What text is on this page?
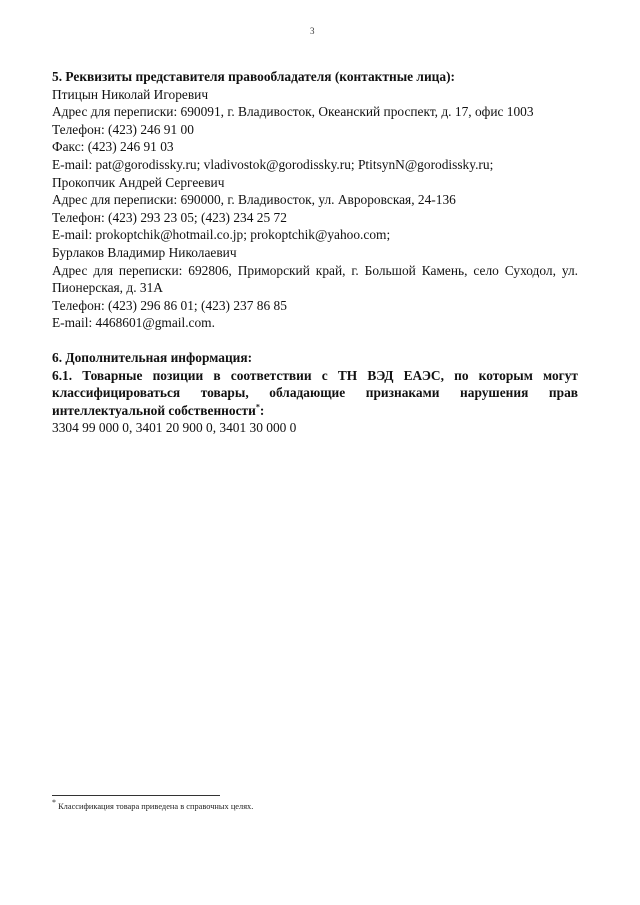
3

5. Реквизиты представителя правообладателя (контактные лица):

Птицын Николай Игоревич

Адрес для переписки: 690091, г. Владивосток, Океанский проспект, д. 17, офис 1003

Телефон: (423) 246 91 00

Факс: (423) 246 91 03

E-mail: pat@gorodissky.ru; vladivostok@gorodissky.ru; PtitsynN@gorodissky.ru;

Прокопчик Андрей Сергеевич

Адрес для переписки: 690000, г. Владивосток, ул. Авроровская, 24-136

Телефон: (423) 293 23 05; (423) 234 25 72

E-mail: prokoptchik@hotmail.co.jp; prokoptchik@yahoo.com;

Бурлаков Владимир Николаевич

Адрес для переписки: 692806, Приморский край, г. Большой Камень, село Суходол, ул. Пионерская, д. 31А

Телефон: (423) 296 86 01; (423) 237 86 85

E-mail: 4468601@gmail.com.

6. Дополнительная информация:

6.1. Товарные позиции в соответствии с ТН ВЭД ЕАЭС, по которым могут классифицироваться товары, обладающие признаками нарушения прав интеллектуальной собственности*:

3304 99 000 0, 3401 20 900 0, 3401 30 000 0

* Классификация товара приведена в справочных целях.
